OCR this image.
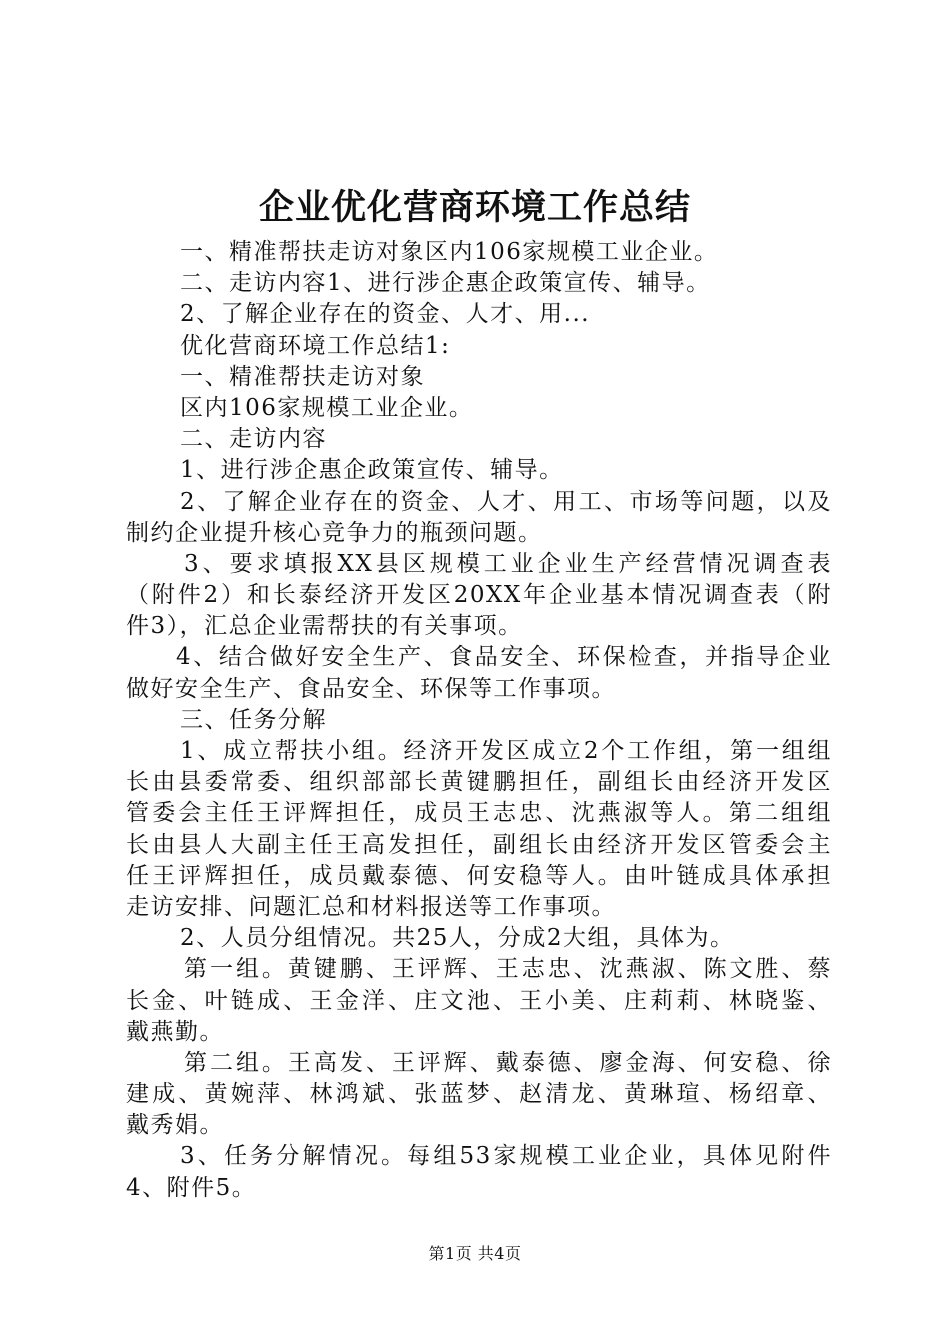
企业优化营商环境工作总结
一、精准帮扶走访对象区内106家规模工业企业。
二、走访内容1、进行涉企惠企政策宣传、辅导。
2、了解企业存在的资金、人才、用...
优化营商环境工作总结1:
一、精准帮扶走访对象
区内106家规模工业企业。
二、走访内容
1、进行涉企惠企政策宣传、辅导。
2、了解企业存在的资金、人才、用工、市场等问题，以及
制约企业提升核心竞争力的瓶颈问题。
3、要求填报XX县区规模工业企业生产经营情况调查表
（附件2）和长泰经济开发区20XX年企业基本情况调查表（附
件3），汇总企业需帮扶的有关事项。
4、结合做好安全生产、食品安全、环保检查，并指导企业
做好安全生产、食品安全、环保等工作事项。
三、任务分解
1、成立帮扶小组。经济开发区成立2个工作组，第一组组
长由县委常委、组织部部长黄键鹏担任，副组长由经济开发区
管委会主任王评辉担任，成员王志忠、沈燕淑等人。第二组组
长由县人大副主任王高发担任，副组长由经济开发区管委会主
任王评辉担任，成员戴泰德、何安稳等人。由叶链成具体承担
走访安排、问题汇总和材料报送等工作事项。
2、人员分组情况。共25人，分成2大组，具体为。
第一组。黄键鹏、王评辉、王志忠、沈燕淑、陈文胜、蔡
长金、叶链成、王金洋、庄文池、王小美、庄莉莉、林晓鉴、
戴燕勤。
第二组。王高发、王评辉、戴泰德、廖金海、何安稳、徐
建成、黄婉萍、林鸿斌、张蓝梦、赵清龙、黄琳瑄、杨绍章、
戴秀娟。
3、任务分解情况。每组53家规模工业企业，具体见附件
4、附件5。
第1页 共4页
